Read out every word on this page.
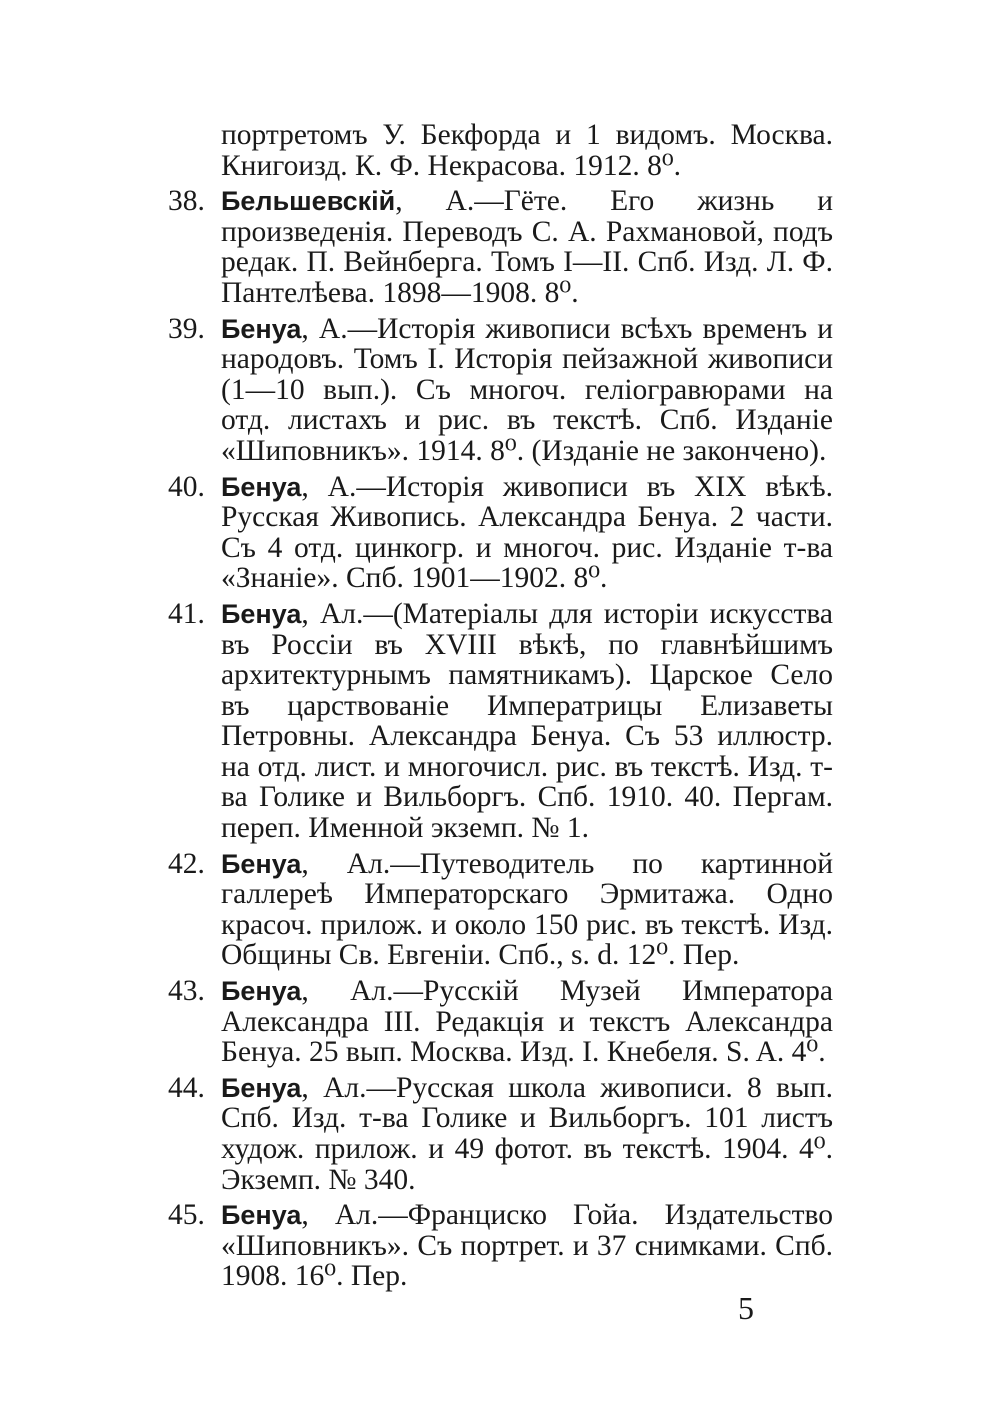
портретомъ У. Бекфорда и 1 видомъ. Москва. Книгоизд. К. Ф. Некрасова. 1912. 8⁰.
38. Бельшевскій, А.—Гёте. Его жизнь и произведенія. Переводъ С. А. Рахмановой, подъ редак. П. Вейнберга. Томъ I—II. Спб. Изд. Л. Ф. Пантелѣева. 1898—1908. 8⁰.
39. Бенуа, А.—Исторія живописи всѣхъ временъ и народовъ. Томъ I. Исторія пейзажной живописи (1—10 вып.). Съ многоч. геліогравюрами на отд. листахъ и рис. въ текстѣ. Спб. Изданіе «Шиповникъ». 1914. 8⁰. (Изданіе не закончено).
40. Бенуа, А.—Исторія живописи въ XIX вѣкѣ. Русская Живопись. Александра Бенуа. 2 части. Съ 4 отд. цинкогр. и многоч. рис. Изданіе т-ва «Знаніе». Спб. 1901—1902. 8⁰.
41. Бенуа, Ал.—(Матеріалы для исторіи искусства въ Россіи въ XVIII вѣкѣ, по главнѣйшимъ архитектурнымъ памятникамъ). Царское Село въ царствованіе Императрицы Елизаветы Петровны. Александра Бенуа. Съ 53 иллюстр. на отд. лист. и многочисл. рис. въ текстѣ. Изд. т-ва Голике и Вильборгъ. Спб. 1910. 40. Пергам. переп. Именной экземп. № 1.
42. Бенуа, Ал.—Путеводитель по картинной галлереѣ Императорскаго Эрмитажа. Одно красоч. прилож. и около 150 рис. въ текстѣ. Изд. Общины Св. Евгеніи. Спб., s. d. 12⁰. Пер.
43. Бенуа, Ал.—Русскій Музей Императора Александра III. Редакція и текстъ Александра Бенуа. 25 вып. Москва. Изд. І. Кнебеля. S. A. 4⁰.
44. Бенуа, Ал.—Русская школа живописи. 8 вып. Спб. Изд. т-ва Голике и Вильборгъ. 101 листъ худож. прилож. и 49 фотот. въ текстѣ. 1904. 4⁰. Экземп. № 340.
45. Бенуа, Ал.—Франциско Гойа. Издательство «Шиповникъ». Съ портрет. и 37 снимками. Спб. 1908. 16⁰. Пер.
5
